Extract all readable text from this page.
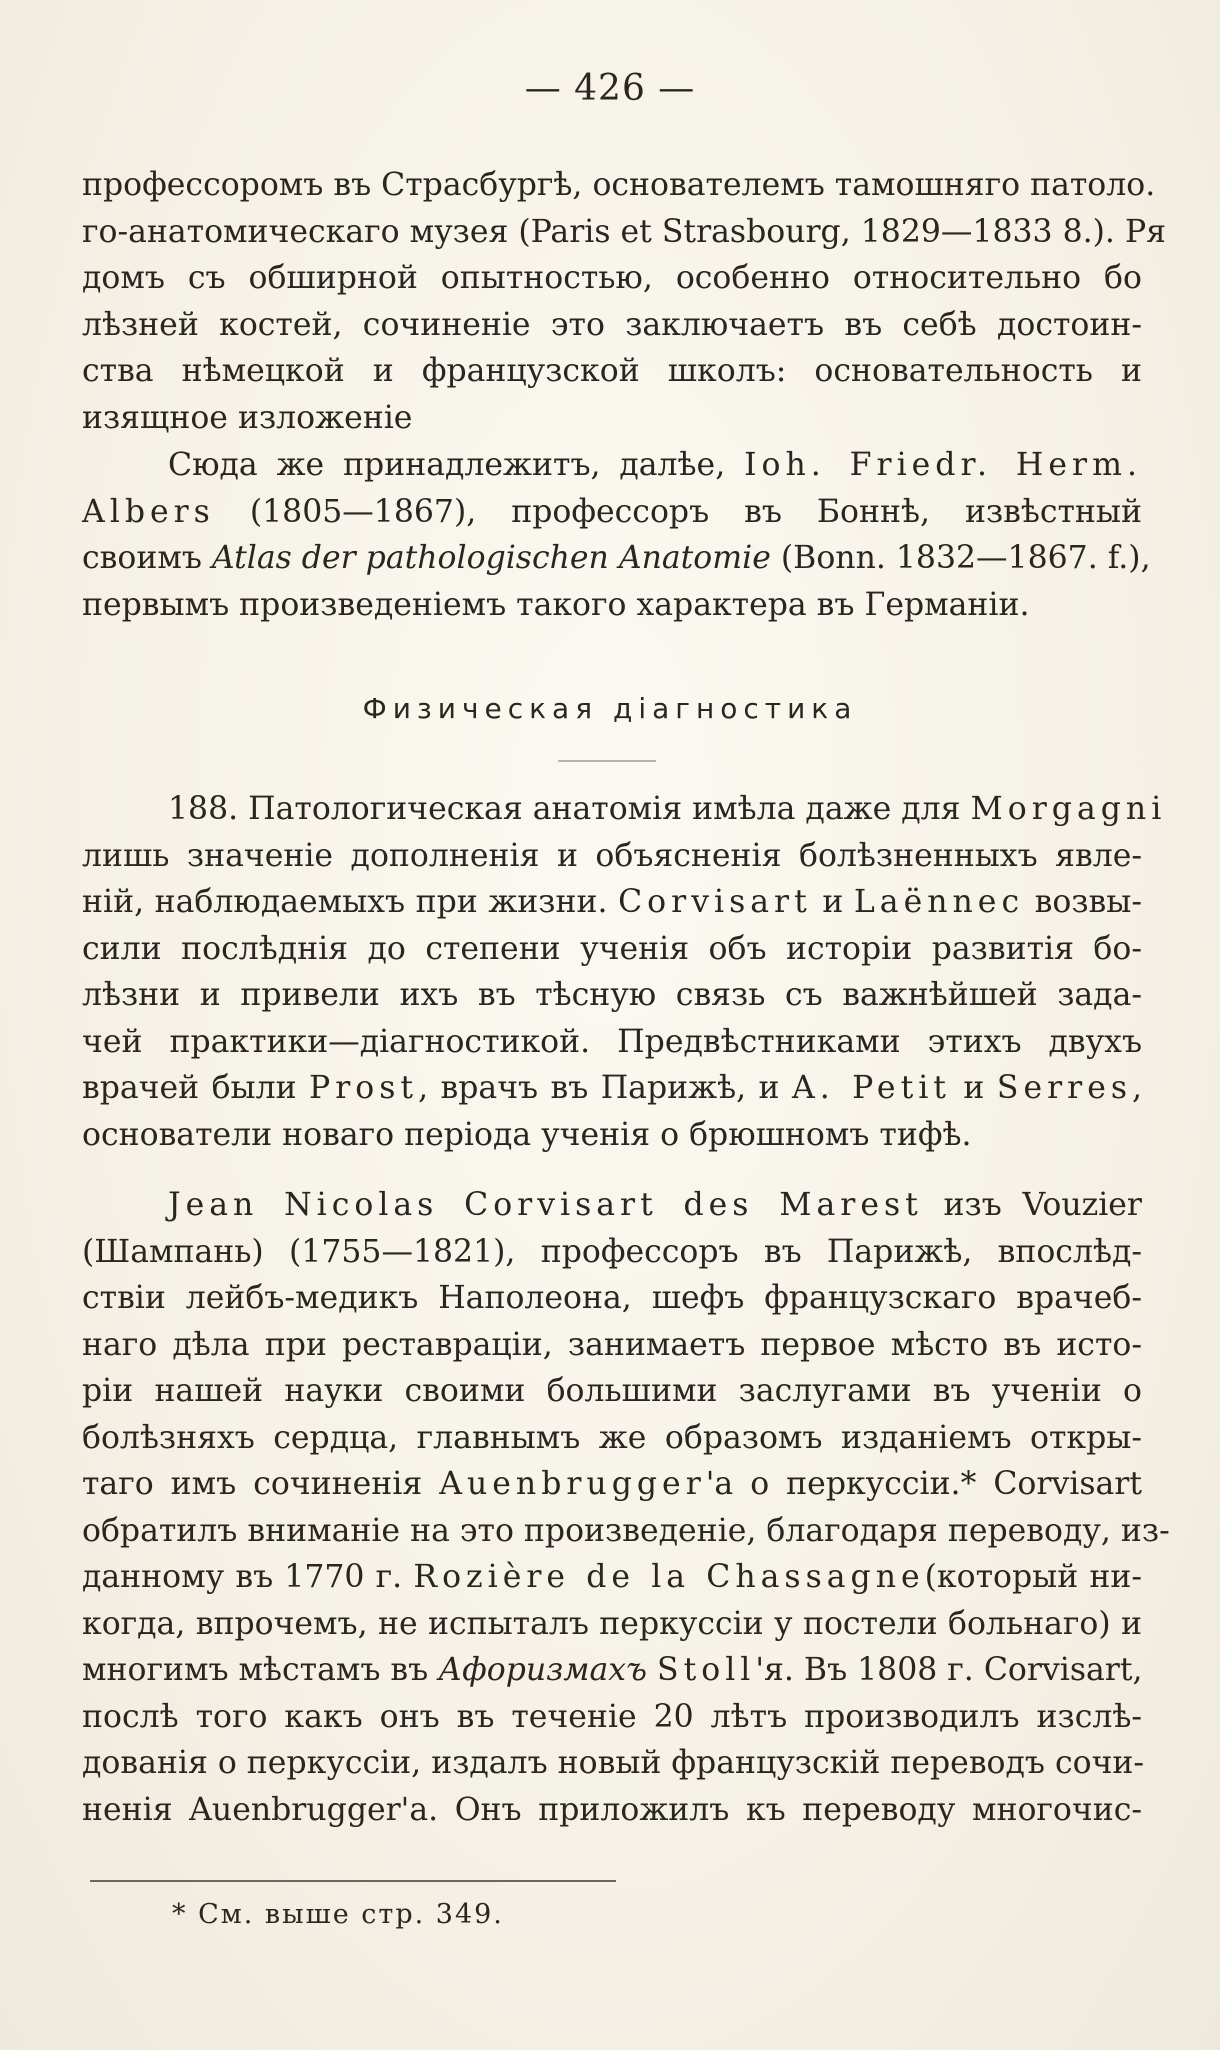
— 426 —
профессоромъ въ Страсбургѣ, основателемъ тамошняго патоло.
го-анатомическаго музея (Paris et Strasbourg, 1829—1833 8.). Ря
домъ съ обширной опытностью, особенно относительно бо
лѣзней костей, сочиненіе это заключаетъ въ себѣ достоин-
ства нѣмецкой и французской школъ: основательность и
изящное изложеніе
Сюда же принадлежитъ, далѣе, Ioh. Friedr. Herm.
Albers (1805—1867), профессоръ въ Боннѣ, извѣстный
своимъ Atlas der pathologischen Anatomie (Bonn. 1832—1867. f.),
первымъ произведеніемъ такого характера въ Германіи.
Физическая діагностика
188. Патологическая анатомія имѣла даже для Morgagni
лишь значеніе дополненія и объясненія болѣзненныхъ явле-
ній, наблюдаемыхъ при жизни. Corvisart и Laënnec возвы-
сили послѣднія до степени ученія объ исторіи развитія бо-
лѣзни и привели ихъ въ тѣсную связь съ важнѣйшей зада-
чей практики—діагностикой. Предвѣстниками этихъ двухъ
врачей были Prost, врачъ въ Парижѣ, и A. Petit и Serres,
основатели новаго періода ученія о брюшномъ тифѣ.
Jean Nicolas Corvisart des Marest изъ Vouzier
(Шампань) (1755—1821), профессоръ въ Парижѣ, впослѣд-
ствіи лейбъ-медикъ Наполеона, шефъ французскаго врачеб-
наго дѣла при реставраціи, занимаетъ первое мѣсто въ исто-
ріи нашей науки своими большими заслугами въ ученіи о
болѣзняхъ сердца, главнымъ же образомъ изданіемъ откры-
таго имъ сочиненія Auenbrugger'а о перкуссіи.* Corvisart
обратилъ вниманіе на это произведеніе, благодаря переводу, из-
данному въ 1770 г. Rozière de la Chassagne(который ни-
когда, впрочемъ, не испыталъ перкуссіи у постели больнаго) и
многимъ мѣстамъ въ Афоризмахъ Stoll'я. Въ 1808 г. Corvisart,
послѣ того какъ онъ въ теченіе 20 лѣтъ производилъ изслѣ-
дованія о перкуссіи, издалъ новый французскій переводъ сочи-
ненія Auenbrugger'a. Онъ приложилъ къ переводу многочис-
* См. выше стр. 349.
